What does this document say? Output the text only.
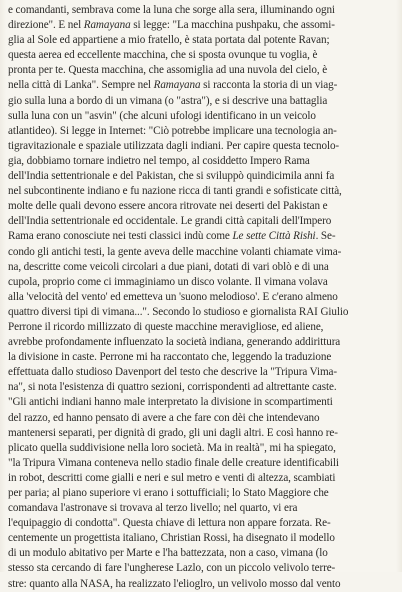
e comandanti, sembrava come la luna che sorge alla sera, illuminando ogni
direzione". E nel Ramayana si legge: "La macchina pushpaku, che assomi-
glia al Sole ed appartiene a mio fratello, è stata portata dal potente Ravan;
questa aerea ed eccellente macchina, che si sposta ovunque tu voglia, è
pronta per te. Questa macchina, che assomiglia ad una nuvola del cielo, è
nella città di Lanka". Sempre nel Ramayana si racconta la storia di un viag-
gio sulla luna a bordo di un vimana (o "astra"), e si descrive una battaglia
sulla luna con un "asvin" (che alcuni ufologi identificano in un veicolo
atlantideo). Si legge in Internet: "Ciò potrebbe implicare una tecnologia an-
tigravitazionale e spaziale utilizzata dagli indiani. Per capire questa tecnolo-
gia, dobbiamo tornare indietro nel tempo, al cosiddetto Impero Rama
dell'India settentrionale e del Pakistan, che si sviluppò quindicimila anni fa
nel subcontinente indiano e fu nazione ricca di tanti grandi e sofisticate città,
molte delle quali devono essere ancora ritrovate nei deserti del Pakistan e
dell'India settentrionale ed occidentale. Le grandi città capitali dell'Impero
Rama erano conosciute nei testi classici indù come Le sette Città Rishi. Se-
condo gli antichi testi, la gente aveva delle macchine volanti chiamate vima-
na, descritte come veicoli circolari a due piani, dotati di vari oblò e di una
cupola, proprio come ci immaginiamo un disco volante. Il vimana volava
alla 'velocità del vento' ed emetteva un 'suono melodioso'. E c'erano almeno
quattro diversi tipi di vimana...". Secondo lo studioso e giornalista RAI Giulio
Perrone il ricordo millizzato di queste macchine meravigliose, ed aliene,
avrebbe profondamente influenzato la società indiana, generando addirittura
la divisione in caste. Perrone mi ha raccontato che, leggendo la traduzione
effettuata dallo studioso Davenport del testo che descrive la "Tripura Vima-
na", si nota l'esistenza di quattro sezioni, corrispondenti ad altrettante caste.
"Gli antichi indiani hanno male interpretato la divisione in scompartimenti
del razzo, ed hanno pensato di avere a che fare con dèi che intendevano
mantenersi separati, per dignità di grado, gli uni dagli altri. E così hanno re-
plicato quella suddivisione nella loro società. Ma in realtà", mi ha spiegato,
"la Tripura Vimana conteneva nello stadio finale delle creature identificabili
in robot, descritti come gialli e neri e sul metro e venti di altezza, scambiati
per paria; al piano superiore vi erano i sottufficiali; lo Stato Maggiore che
comandava l'astronave si trovava al terzo livello; nel quarto, vi era
l'equipaggio di condotta". Questa chiave di lettura non appare forzata. Re-
centemente un progettista italiano, Christian Rossi, ha disegnato il modello
di un modulo abitativo per Marte e l'ha battezzata, non a caso, vimana (lo
stesso sta cercando di fare l'ungherese Lazlo, con un piccolo velivolo terre-
stre: quanto alla NASA, ha realizzato l'elioglro, un velivolo mosso dal vento
